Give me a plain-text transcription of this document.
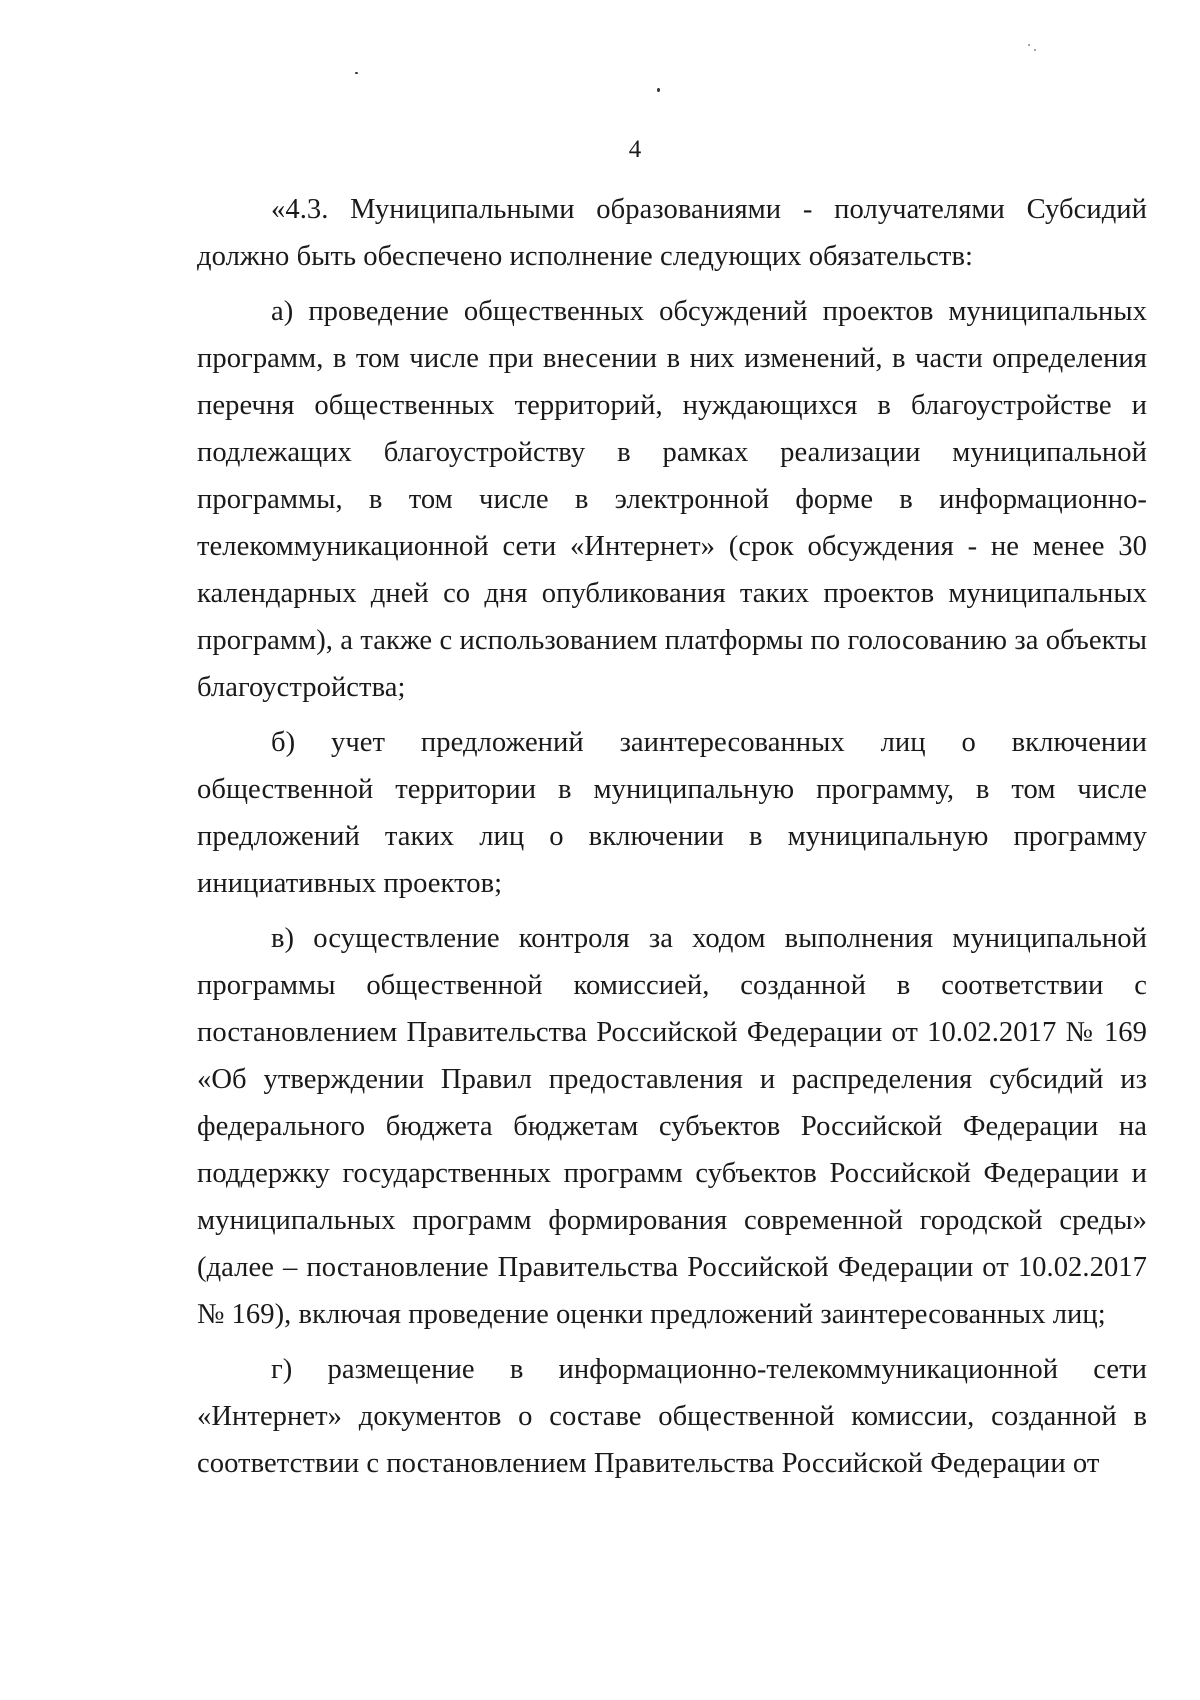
4

«4.3. Муниципальными образованиями - получателями Субсидий должно быть обеспечено исполнение следующих обязательств:

а) проведение общественных обсуждений проектов муниципальных программ, в том числе при внесении в них изменений, в части определения перечня общественных территорий, нуждающихся в благоустройстве и подлежащих благоустройству в рамках реализации муниципальной программы, в том числе в электронной форме в информационно-телекоммуникационной сети «Интернет» (срок обсуждения - не менее 30 календарных дней со дня опубликования таких проектов муниципальных программ), а также с использованием платформы по голосованию за объекты благоустройства;

б) учет предложений заинтересованных лиц о включении общественной территории в муниципальную программу, в том числе предложений таких лиц о включении в муниципальную программу инициативных проектов;

в) осуществление контроля за ходом выполнения муниципальной программы общественной комиссией, созданной в соответствии с постановлением Правительства Российской Федерации от 10.02.2017 № 169 «Об утверждении Правил предоставления и распределения субсидий из федерального бюджета бюджетам субъектов Российской Федерации на поддержку государственных программ субъектов Российской Федерации и муниципальных программ формирования современной городской среды» (далее – постановление Правительства Российской Федерации от 10.02.2017 № 169), включая проведение оценки предложений заинтересованных лиц;

г) размещение в информационно-телекоммуникационной сети «Интернет» документов о составе общественной комиссии, созданной в соответствии с постановлением Правительства Российской Федерации от
